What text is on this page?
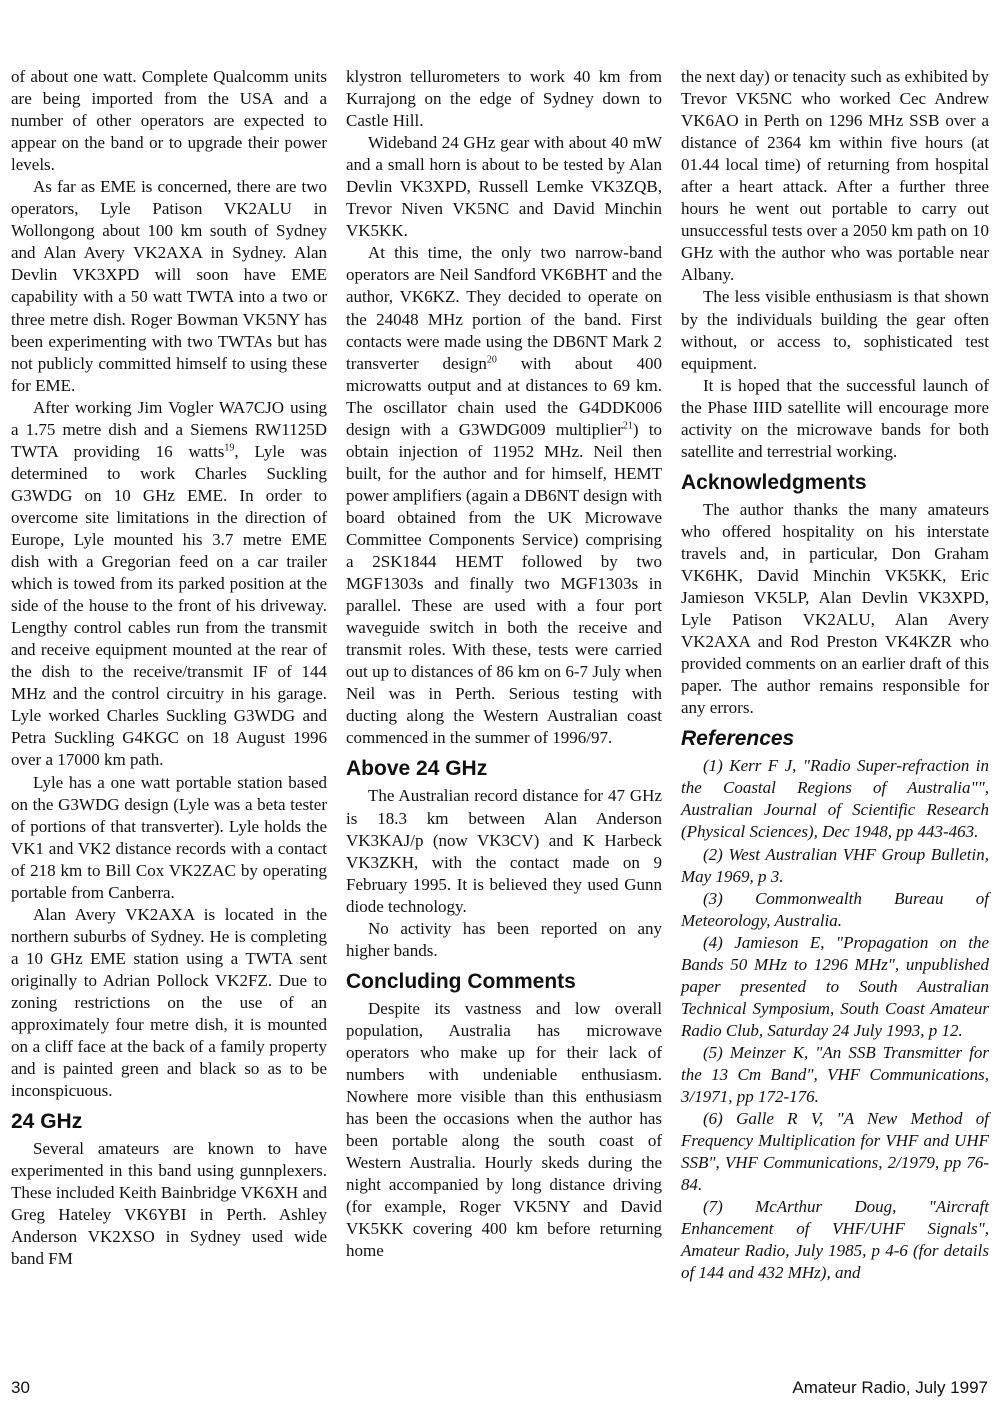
of about one watt. Complete Qualcomm units are being imported from the USA and a number of other operators are expected to appear on the band or to upgrade their power levels.

As far as EME is concerned, there are two operators, Lyle Patison VK2ALU in Wollongong about 100 km south of Sydney and Alan Avery VK2AXA in Sydney. Alan Devlin VK3XPD will soon have EME capability with a 50 watt TWTA into a two or three metre dish. Roger Bowman VK5NY has been experimenting with two TWTAs but has not publicly committed himself to using these for EME.

After working Jim Vogler WA7CJO using a 1.75 metre dish and a Siemens RW1125D TWTA providing 16 watts$^{19}$, Lyle was determined to work Charles Suckling G3WDG on 10 GHz EME. In order to overcome site limitations in the direction of Europe, Lyle mounted his 3.7 metre EME dish with a Gregorian feed on a car trailer which is towed from its parked position at the side of the house to the front of his driveway. Lengthy control cables run from the transmit and receive equipment mounted at the rear of the dish to the receive/transmit IF of 144 MHz and the control circuitry in his garage. Lyle worked Charles Suckling G3WDG and Petra Suckling G4KGC on 18 August 1996 over a 17000 km path.

Lyle has a one watt portable station based on the G3WDG design (Lyle was a beta tester of portions of that transverter). Lyle holds the VK1 and VK2 distance records with a contact of 218 km to Bill Cox VK2ZAC by operating portable from Canberra.

Alan Avery VK2AXA is located in the northern suburbs of Sydney. He is completing a 10 GHz EME station using a TWTA sent originally to Adrian Pollock VK2FZ. Due to zoning restrictions on the use of an approximately four metre dish, it is mounted on a cliff face at the back of a family property and is painted green and black so as to be inconspicuous.

24 GHz

Several amateurs are known to have experimented in this band using gunnplexers. These included Keith Bainbridge VK6XH and Greg Hateley VK6YBI in Perth. Ashley Anderson VK2XSO in Sydney used wide band FM

klystron tellurometers to work 40 km from Kurrajong on the edge of Sydney down to Castle Hill.

Wideband 24 GHz gear with about 40 mW and a small horn is about to be tested by Alan Devlin VK3XPD, Russell Lemke VK3ZQB, Trevor Niven VK5NC and David Minchin VK5KK.

At this time, the only two narrow-band operators are Neil Sandford VK6BHT and the author, VK6KZ. They decided to operate on the 24048 MHz portion of the band. First contacts were made using the DB6NT Mark 2 transverter design$^{20}$ with about 400 microwatts output and at distances to 69 km. The oscillator chain used the G4DDK006 design with a G3WDG009 multiplier$^{21}$) to obtain injection of 11952 MHz. Neil then built, for the author and for himself, HEMT power amplifiers (again a DB6NT design with board obtained from the UK Microwave Committee Components Service) comprising a 2SK1844 HEMT followed by two MGF1303s and finally two MGF1303s in parallel. These are used with a four port waveguide switch in both the receive and transmit roles. With these, tests were carried out up to distances of 86 km on 6-7 July when Neil was in Perth. Serious testing with ducting along the Western Australian coast commenced in the summer of 1996/97.

Above 24 GHz

The Australian record distance for 47 GHz is 18.3 km between Alan Anderson VK3KAJ/p (now VK3CV) and K Harbeck VK3ZKH, with the contact made on 9 February 1995. It is believed they used Gunn diode technology.

No activity has been reported on any higher bands.

Concluding Comments

Despite its vastness and low overall population, Australia has microwave operators who make up for their lack of numbers with undeniable enthusiasm. Nowhere more visible than this enthusiasm has been the occasions when the author has been portable along the south coast of Western Australia. Hourly skeds during the night accompanied by long distance driving (for example, Roger VK5NY and David VK5KK covering 400 km before returning home

the next day) or tenacity such as exhibited by Trevor VK5NC who worked Cec Andrew VK6AO in Perth on 1296 MHz SSB over a distance of 2364 km within five hours (at 01.44 local time) of returning from hospital after a heart attack. After a further three hours he went out portable to carry out unsuccessful tests over a 2050 km path on 10 GHz with the author who was portable near Albany.

The less visible enthusiasm is that shown by the individuals building the gear often without, or access to, sophisticated test equipment.

It is hoped that the successful launch of the Phase IIID satellite will encourage more activity on the microwave bands for both satellite and terrestrial working.

Acknowledgments

The author thanks the many amateurs who offered hospitality on his interstate travels and, in particular, Don Graham VK6HK, David Minchin VK5KK, Eric Jamieson VK5LP, Alan Devlin VK3XPD, Lyle Patison VK2ALU, Alan Avery VK2AXA and Rod Preston VK4KZR who provided comments on an earlier draft of this paper. The author remains responsible for any errors.

References

(1) Kerr F J, "Radio Super-refraction in the Coastal Regions of Australia"", Australian Journal of Scientific Research (Physical Sciences), Dec 1948, pp 443-463.

(2) West Australian VHF Group Bulletin, May 1969, p 3.

(3) Commonwealth Bureau of Meteorology, Australia.

(4) Jamieson E, "Propagation on the Bands 50 MHz to 1296 MHz", unpublished paper presented to South Australian Technical Symposium, South Coast Amateur Radio Club, Saturday 24 July 1993, p 12.

(5) Meinzer K, "An SSB Transmitter for the 13 Cm Band", VHF Communications, 3/1971, pp 172-176.

(6) Galle R V, "A New Method of Frequency Multiplication for VHF and UHF SSB", VHF Communications, 2/1979, pp 76-84.

(7) McArthur Doug, "Aircraft Enhancement of VHF/UHF Signals", Amateur Radio, July 1985, p 4-6 (for details of 144 and 432 MHz), and

30	Amateur Radio, July 1997
